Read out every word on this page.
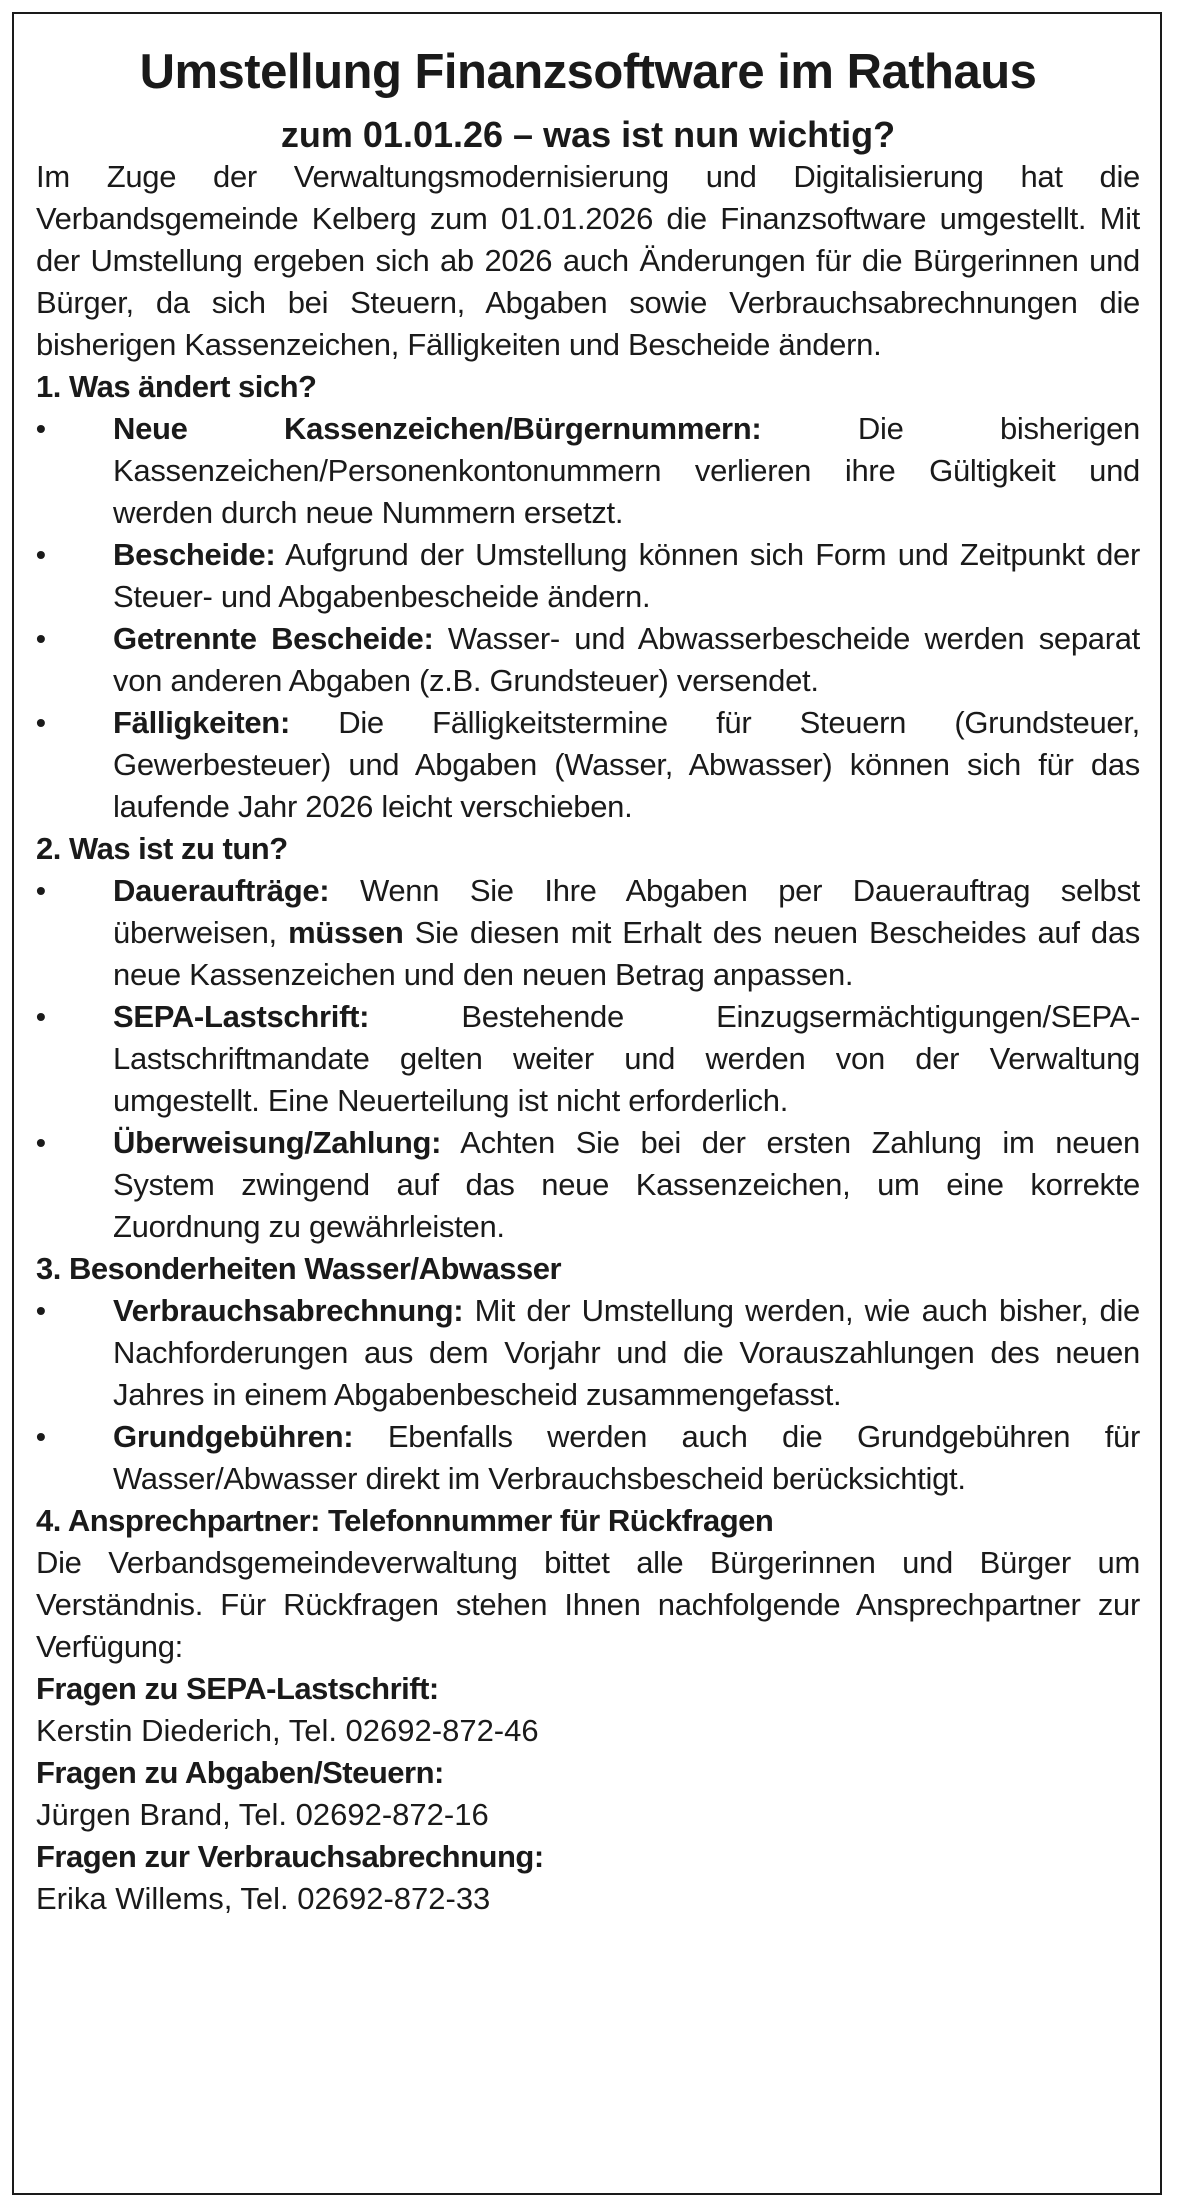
Umstellung Finanzsoftware im Rathaus
zum 01.01.26 – was ist nun wichtig?

Im Zuge der Verwaltungsmodernisierung und Digitalisierung hat die Verbandsgemeinde Kelberg zum 01.01.2026 die Finanzsoftware umgestellt. Mit der Umstellung ergeben sich ab 2026 auch Änderungen für die Bürgerinnen und Bürger, da sich bei Steuern, Abgaben sowie Verbrauchsabrechnungen die bisherigen Kassenzeichen, Fälligkeiten und Bescheide ändern.

1. Was ändert sich?

• Neue Kassenzeichen/Bürgernummern: Die bisherigen Kassenzeichen/Personenkontonummern verlieren ihre Gültigkeit und werden durch neue Nummern ersetzt.
• Bescheide: Aufgrund der Umstellung können sich Form und Zeitpunkt der Steuer- und Abgabenbescheide ändern.
• Getrennte Bescheide: Wasser- und Abwasserbescheide werden separat von anderen Abgaben (z.B. Grundsteuer) versendet.
• Fälligkeiten: Die Fälligkeitstermine für Steuern (Grundsteuer, Gewerbesteuer) und Abgaben (Wasser, Abwasser) können sich für das laufende Jahr 2026 leicht verschieben.

2. Was ist zu tun?

• Daueraufträge: Wenn Sie Ihre Abgaben per Dauerauftrag selbst überweisen, müssen Sie diesen mit Erhalt des neuen Bescheides auf das neue Kassenzeichen und den neuen Betrag anpassen.
• SEPA-Lastschrift: Bestehende Einzugsermächtigungen/SEPA-Lastschriftmandate gelten weiter und werden von der Verwaltung umgestellt. Eine Neuerteilung ist nicht erforderlich.
• Überweisung/Zahlung: Achten Sie bei der ersten Zahlung im neuen System zwingend auf das neue Kassenzeichen, um eine korrekte Zuordnung zu gewährleisten.

3. Besonderheiten Wasser/Abwasser

• Verbrauchsabrechnung: Mit der Umstellung werden, wie auch bisher, die Nachforderungen aus dem Vorjahr und die Vorauszahlungen des neuen Jahres in einem Abgabenbescheid zusammengefasst.
• Grundgebühren: Ebenfalls werden auch die Grundgebühren für Wasser/Abwasser direkt im Verbrauchsbescheid berücksichtigt.

4. Ansprechpartner: Telefonnummer für Rückfragen

Die Verbandsgemeindeverwaltung bittet alle Bürgerinnen und Bürger um Verständnis. Für Rückfragen stehen Ihnen nachfolgende Ansprechpartner zur Verfügung:

Fragen zu SEPA-Lastschrift:

Kerstin Diederich, Tel. 02692-872-46

Fragen zu Abgaben/Steuern:

Jürgen Brand, Tel. 02692-872-16

Fragen zur Verbrauchsabrechnung:

Erika Willems, Tel. 02692-872-33
